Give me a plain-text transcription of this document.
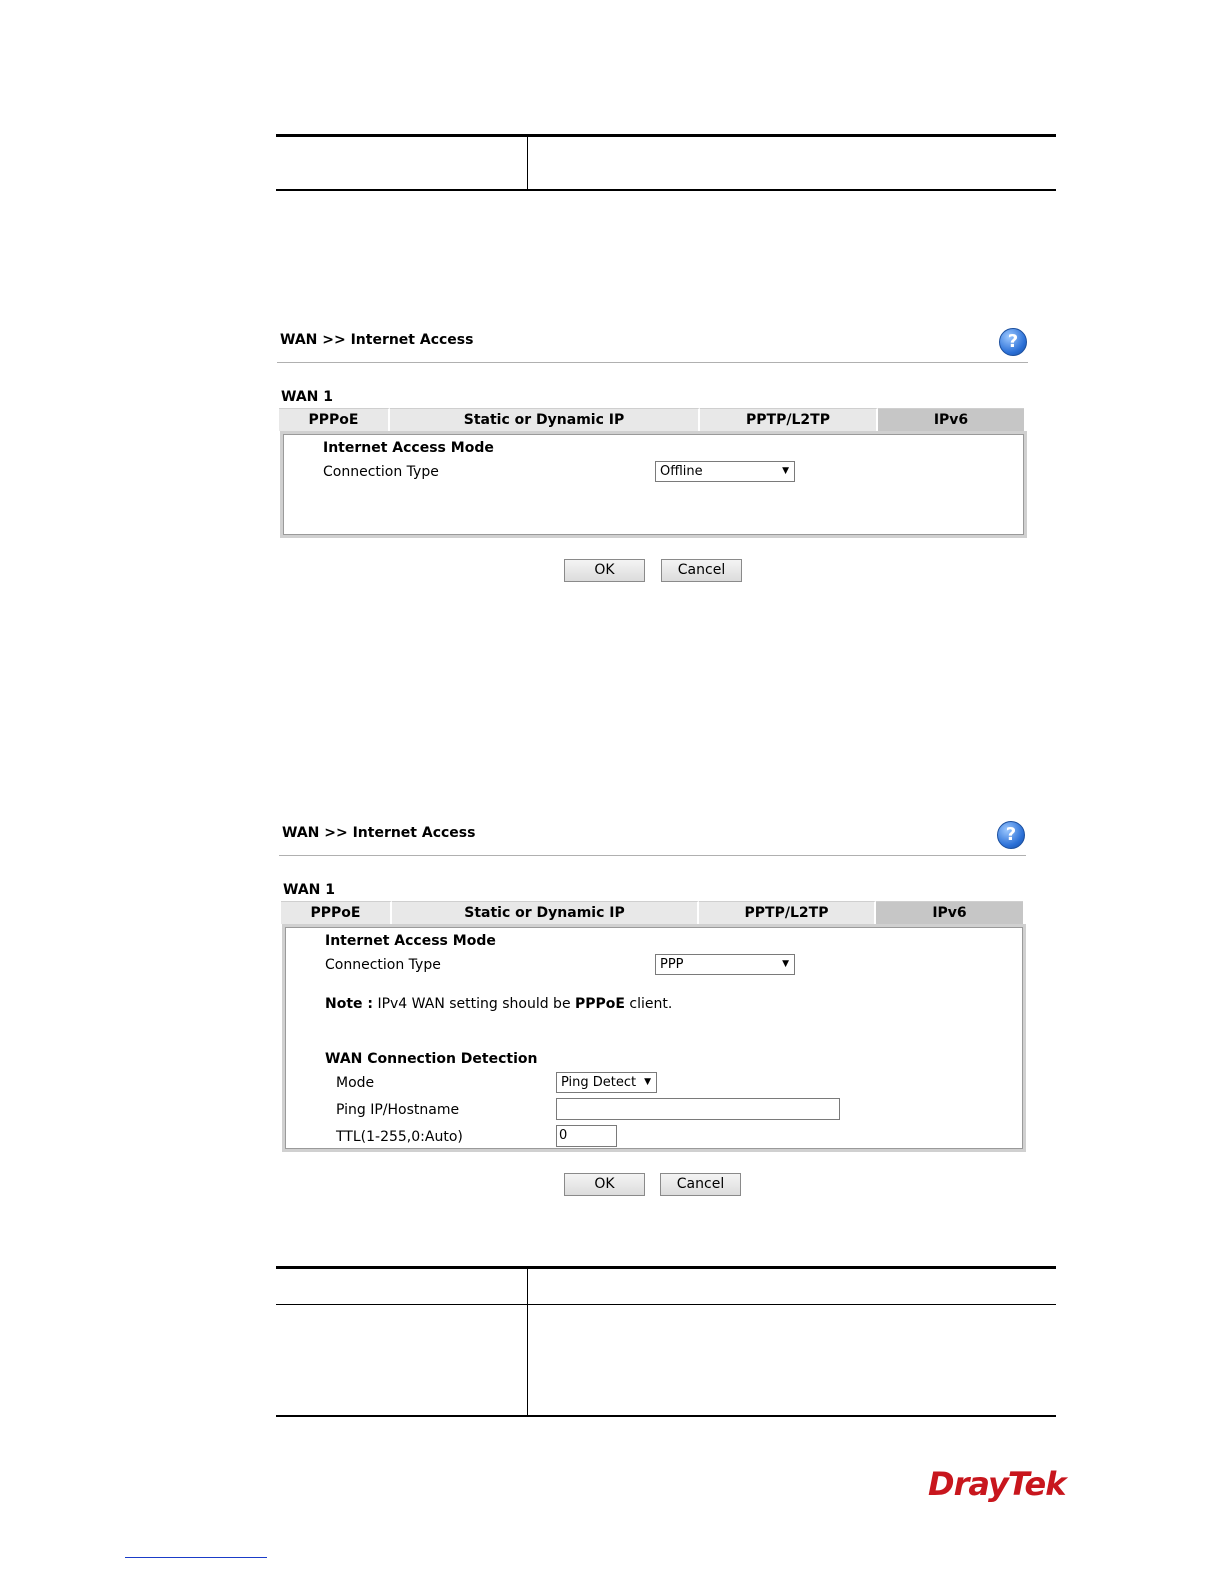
WAN >> Internet Access	?
WAN 1
PPPoE	Static or Dynamic IP	PPTP/L2TP	IPv6
Internet Access Mode
Connection Type	Offline	▼
OK	Cancel
WAN >> Internet Access	?
WAN 1
PPPoE	Static or Dynamic IP	PPTP/L2TP	IPv6
Internet Access Mode
Connection Type	PPP	▼
Note : IPv4 WAN setting should be PPPoE client.
WAN Connection Detection
Mode	Ping Detect ▼
Ping IP/Hostname
TTL(1-255,0:Auto)	0
OK	Cancel
DrayTek
